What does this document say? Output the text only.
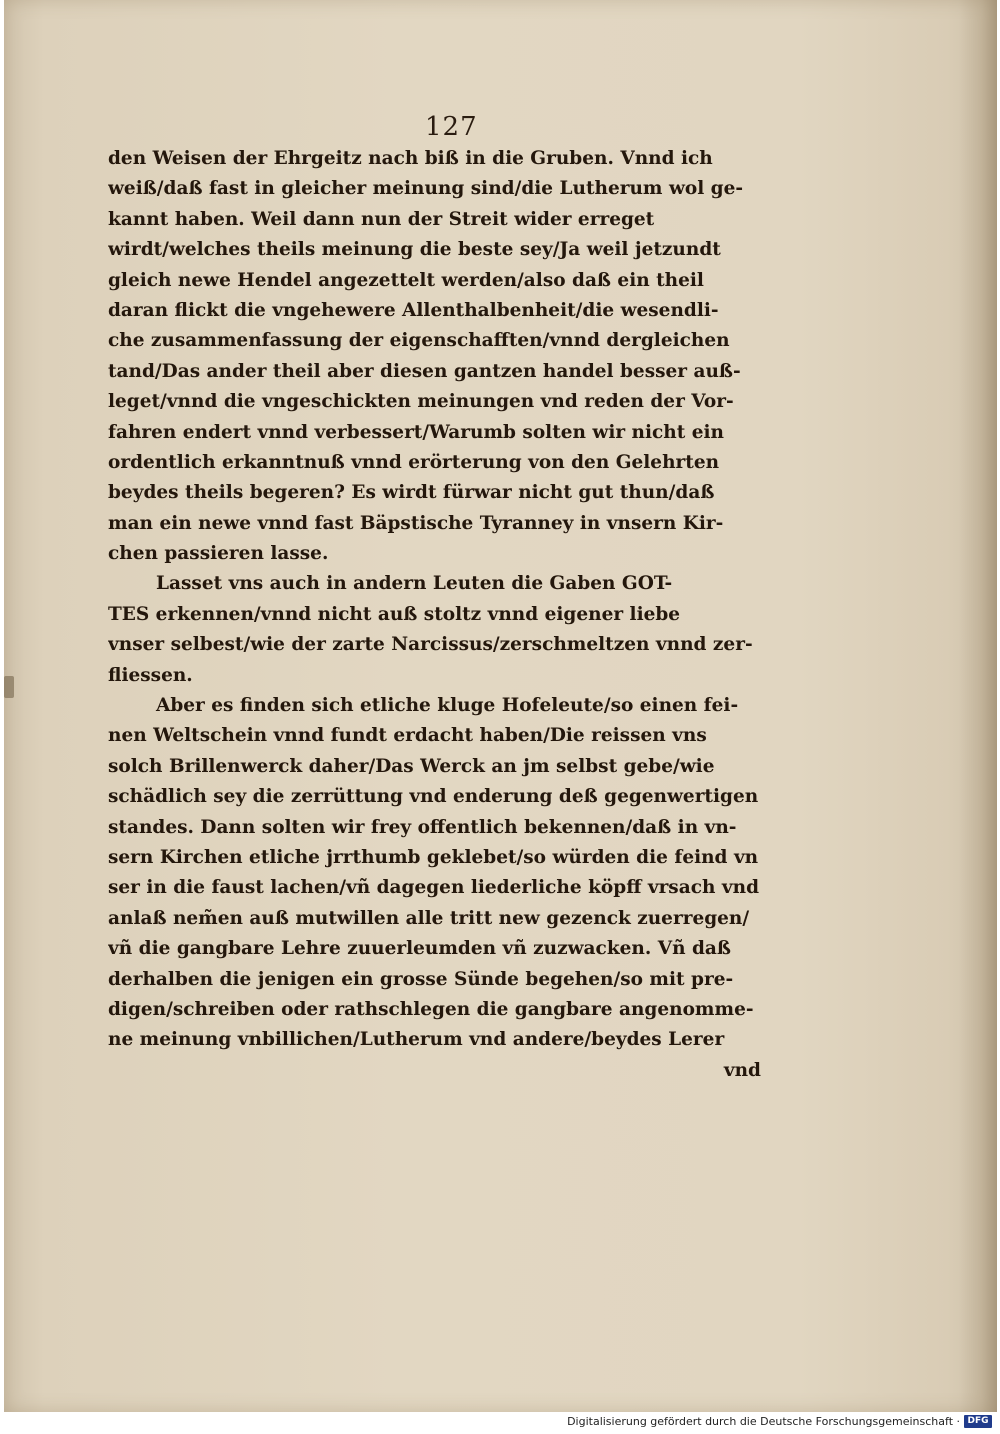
127
den Weisen der Ehrgeitz nach biß in die Gruben. Vnnd ich
weiß/daß fast in gleicher meinung sind/die Lutherum wol ge-
kannt haben. Weil dann nun der Streit wider erreget
wirdt/welches theils meinung die beste sey/Ja weil jetzundt
gleich newe Hendel angezettelt werden/also daß ein theil
daran flickt die vngehewere Allenthalbenheit/die wesendli-
che zusammenfassung der eigenschafften/vnnd dergleichen
tand/Das ander theil aber diesen gantzen handel besser auß-
leget/vnnd die vngeschickten meinungen vnd reden der Vor-
fahren endert vnnd verbessert/Warumb solten wir nicht ein
ordentlich erkanntnuß vnnd erörterung von den Gelehrten
beydes theils begeren? Es wirdt fürwar nicht gut thun/daß
man ein newe vnnd fast Bäpstische Tyranney in vnsern Kir-
chen passieren lasse.
Lasset vns auch in andern Leuten die Gaben GOT-
TES erkennen/vnnd nicht auß stoltz vnnd eigener liebe
vnser selbest/wie der zarte Narcissus/zerschmeltzen vnnd zer-
fliessen.
Aber es finden sich etliche kluge Hofeleute/so einen fei-
nen Weltschein vnnd fundt erdacht haben/Die reissen vns
solch Brillenwerck daher/Das Werck an jm selbst gebe/wie
schädlich sey die zerrüttung vnd enderung deß gegenwertigen
standes. Dann solten wir frey offentlich bekennen/daß in vn-
sern Kirchen etliche jrrthumb geklebet/so würden die feind vn
ser in die faust lachen/vñ dagegen liederliche köpff vrsach vnd
anlaß nem̃en auß mutwillen alle tritt new gezenck zuerregen/
vñ die gangbare Lehre zuuerleumden vñ zuzwacken. Vñ daß
derhalben die jenigen ein grosse Sünde begehen/so mit pre-
digen/schreiben oder rathschlegen die gangbare angenomme-
ne meinung vnbillichen/Lutherum vnd andere/beydes Lerer
vnd
Digitalisierung gefördert durch die Deutsche Forschungsgemeinschaft · DFG
